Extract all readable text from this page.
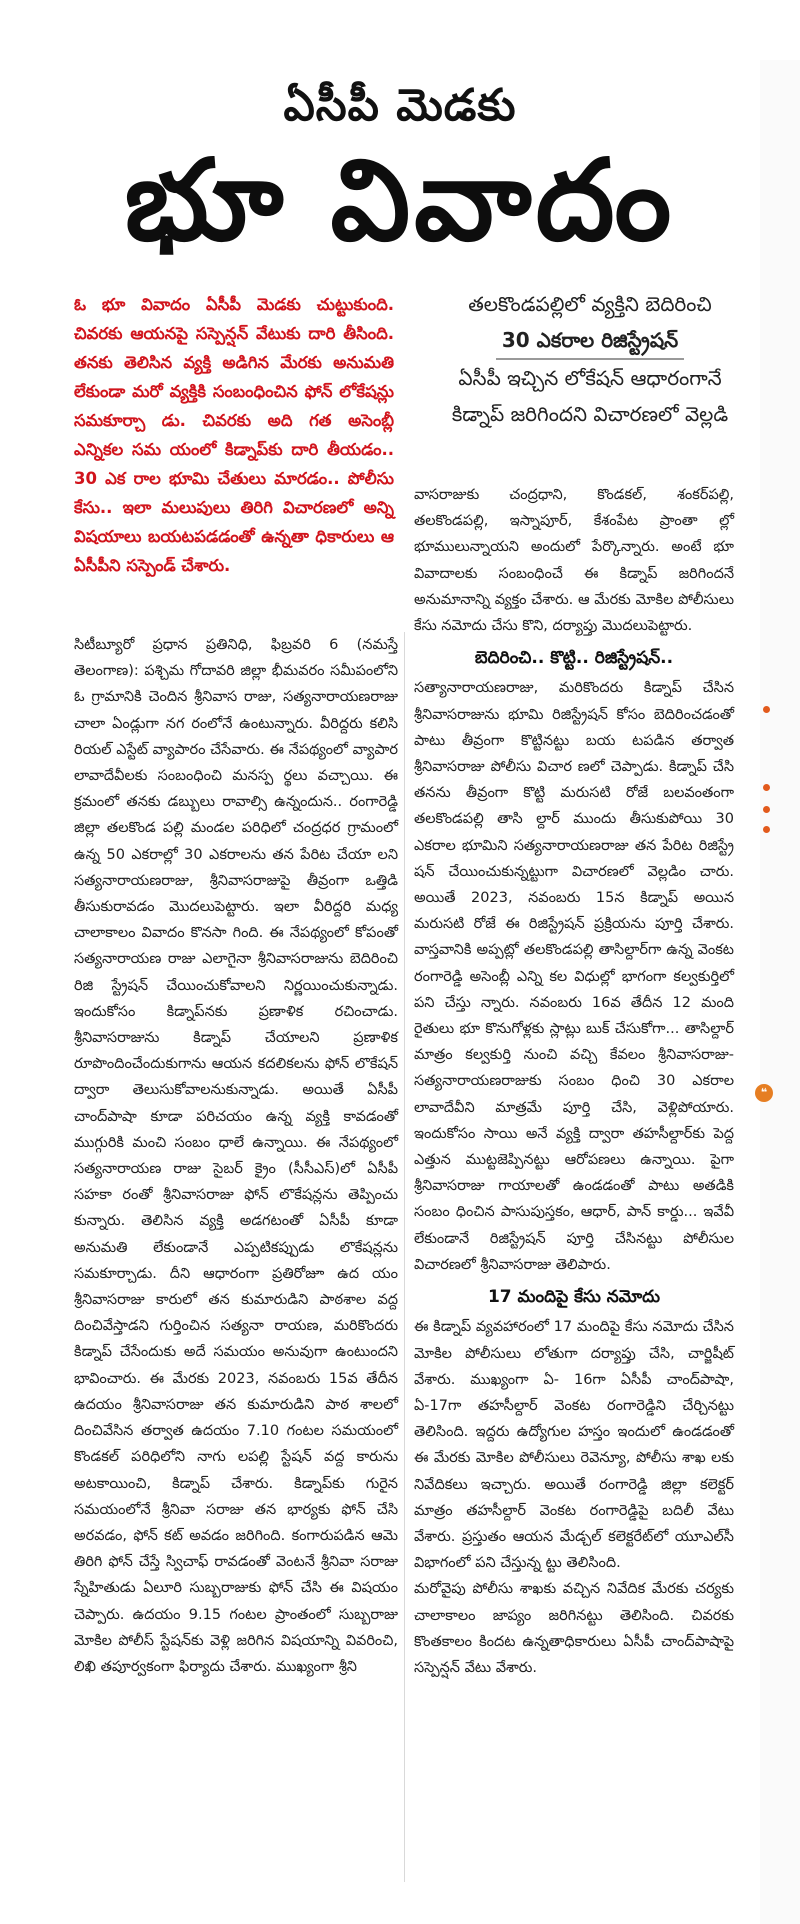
ఏసీపీ మెడకు
భూ వివాదం
ఓ భూ వివాదం ఏసీపీ మెడకు చుట్టుకుంది. చివరకు ఆయనపై సస్పెన్షన్ వేటుకు దారి తీసింది. తనకు తెలిసిన వ్యక్తి అడిగిన మేరకు అనుమతి లేకుండా మరో వ్యక్తికి సంబంధించిన ఫోన్ లోకేషన్లు సమకూర్చా డు. చివరకు అది గత అసెంబ్లీ ఎన్నికల సమ యంలో కిడ్నాప్‌కు దారి తీయడం.. 30 ఎక రాల భూమి చేతులు మారడం.. పోలీసు కేసు.. ఇలా మలుపులు తిరిగి విచారణలో అన్ని విషయాలు బయటపడడంతో ఉన్నతా ధికారులు ఆ ఏసీపీని సస్పెండ్ చేశారు.
తలకొండపల్లిలో వ్యక్తిని బెదిరించి
30 ఎకరాల రిజిస్ట్రేషన్
ఏసీపీ ఇచ్చిన లోకేషన్ ఆధారంగానే
కిడ్నాప్ జరిగిందని విచారణలో వెల్లడి

సిటీబ్యూరో ప్రధాన ప్రతినిధి, ఫిబ్రవరి 6 (నమస్తే తెలంగాణ): పశ్చిమ గోదావరి జిల్లా భీమవరం సమీపంలోని ఓ గ్రామానికి చెందిన శ్రీనివాస రాజు, సత్యనారాయణరాజు చాలా ఏండ్లుగా నగ రంలోనే ఉంటున్నారు. వీరిద్దరు కలిసి రియల్ ఎస్టేట్ వ్యాపారం చేసేవారు. ఈ నేపథ్యంలో వ్యాపార లావాదేవీలకు సంబంధించి మనస్ప ర్థలు వచ్చాయి. ఈ క్రమంలో తనకు డబ్బులు రావాల్సి ఉన్నందున.. రంగారెడ్డి జిల్లా తలకొండ పల్లి మండల పరిధిలో చంద్రధర గ్రామంలో ఉన్న 50 ఎకరాల్లో 30 ఎకరాలను తన పేరిట చేయా లని సత్యనారాయణరాజు, శ్రీనివాసరాజుపై తీవ్రంగా ఒత్తిడి తీసుకురావడం మొదలుపెట్టారు. ఇలా వీరిద్దరి మధ్య చాలాకాలం వివాదం కొనసా గింది. ఈ నేపథ్యంలో కోపంతో సత్యనారాయణ రాజు ఎలాగైనా శ్రీనివాసరాజును బెదిరించి రిజి స్ట్రేషన్ చేయించుకోవాలని నిర్ణయించుకున్నాడు. ఇందుకోసం కిడ్నాప్‌నకు ప్రణాళిక రచించాడు. శ్రీనివాసరాజును కిడ్నాప్ చేయాలని ప్రణాళిక రూపొందించేందుకుగాను ఆయన కదలికలను ఫోన్ లొకేషన్ ద్వారా తెలుసుకోవాలనుకున్నాడు. అయితే ఏసీపీ చాంద్‌పాషా కూడా పరిచయం ఉన్న వ్యక్తి కావడంతో ముగ్గురికి మంచి సంబం ధాలే ఉన్నాయి. ఈ నేపథ్యంలో సత్యనారాయణ రాజు సైబర్ క్రైం (సీసీఎస్)లో ఏసీపీ సహకా రంతో శ్రీనివాసరాజు ఫోన్ లొకేషన్లను తెప్పించు కున్నారు. తెలిసిన వ్యక్తి అడగటంతో ఏసీపీ కూడా అనుమతి లేకుండానే ఎప్పటికప్పుడు లొకేషన్లను సమకూర్చాడు. దీని ఆధారంగా ప్రతిరోజూ ఉద యం శ్రీనివాసరాజు కారులో తన కుమారుడిని పాఠశాల వద్ద దించివేస్తాడని గుర్తించిన సత్యనా రాయణ, మరికొందరు కిడ్నాప్ చేసేందుకు అదే సమయం అనువుగా ఉంటుందని భావించారు. ఈ మేరకు 2023, నవంబరు 15వ తేదీన ఉదయం శ్రీనివాసరాజు తన కుమారుడిని పాఠ శాలలో దించివేసిన తర్వాత ఉదయం 7.10 గంటల సమయంలో కొండకల్ పరిధిలోని నాగు లపల్లి స్టేషన్ వద్ద కారును అటకాయించి, కిడ్నాప్ చేశారు. కిడ్నాప్‌కు గురైన సమయంలోనే శ్రీనివా సరాజు తన భార్యకు ఫోన్ చేసి అరవడం, ఫోన్ కట్ అవడం జరిగింది. కంగారుపడిన ఆమె తిరిగి ఫోన్ చేస్తే స్విచాఫ్ రావడంతో వెంటనే శ్రీనివా సరాజు స్నేహితుడు ఏలూరి సుబ్బరాజుకు ఫోన్ చేసి ఈ విషయం చెప్పారు. ఉదయం 9.15 గంటల ప్రాంతంలో సుబ్బరాజు మోకిల పోలీస్ స్టేషన్‌కు వెళ్లి జరిగిన విషయాన్ని వివరించి, లిఖి తపూర్వకంగా ఫిర్యాదు చేశారు. ముఖ్యంగా శ్రీని

వాసరాజుకు చంద్రధాని, కొండకల్, శంకర్‌పల్లి, తలకొండపల్లి, ఇస్నాపూర్, కేశంపేట ప్రాంతా ల్లో భూములున్నాయని అందులో పేర్కొన్నారు. అంటే భూ వివాదాలకు సంబంధించే ఈ కిడ్నాప్ జరిగిందనే అనుమానాన్ని వ్యక్తం చేశారు. ఆ మేరకు మోకిల పోలీసులు కేసు నమోదు చేసు కొని, దర్యాప్తు మొదలుపెట్టారు.

బెదిరించి.. కొట్టి.. రిజిస్ట్రేషన్..

సత్యానారాయణరాజు, మరికొందరు కిడ్నాప్ చేసిన శ్రీనివాసరాజును భూమి రిజిస్ట్రేషన్ కోసం బెదిరించడంతో పాటు తీవ్రంగా కొట్టినట్టు బయ టపడిన తర్వాత శ్రీనివాసరాజు పోలీసు విచార ణలో చెప్పాడు. కిడ్నాప్ చేసి తనను తీవ్రంగా కొట్టి మరుసటి రోజే బలవంతంగా తలకొండపల్లి తాసి ల్దార్ ముందు తీసుకుపోయి 30 ఎకరాల భూమిని సత్యనారాయణరాజు తన పేరిట రిజిస్ట్రే షన్ చేయించుకున్నట్టుగా విచారణలో వెల్లడిం చారు. అయితే 2023, నవంబరు 15న కిడ్నాప్ అయిన మరుసటి రోజే ఈ రిజిస్ట్రేషన్ ప్రక్రియను పూర్తి చేశారు. వాస్తవానికి అప్పట్లో తలకొండపల్లి తాసిల్దార్‌గా ఉన్న వెంకట రంగారెడ్డి అసెంబ్లీ ఎన్ని కల విధుల్లో భాగంగా కల్వకుర్తిలో పని చేస్తు న్నారు. నవంబరు 16వ తేదీన 12 మంది రైతులు భూ కొనుగోళ్లకు స్లాట్లు బుక్ చేసుకోగా... తాసిల్దార్ మాత్రం కల్వకుర్తి నుంచి వచ్చి కేవలం శ్రీనివాసరాజు-సత్యనారాయణరాజుకు సంబం ధించి 30 ఎకరాల లావాదేవీని మాత్రమే పూర్తి చేసి, వెళ్లిపోయారు. ఇందుకోసం సాయి అనే వ్యక్తి ద్వారా తహసీల్దార్‌కు పెద్ద ఎత్తున ముట్టజెప్పినట్టు ఆరోపణలు ఉన్నాయి. పైగా శ్రీనివాసరాజు గాయాలతో ఉండడంతో పాటు అతడికి సంబం ధించిన పాసుపుస్తకం, ఆధార్, పాన్ కార్డు... ఇవేవీ లేకుండానే రిజిస్ట్రేషన్ పూర్తి చేసినట్టు పోలీసుల విచారణలో శ్రీనివాసరాజు తెలిపారు.

17 మందిపై కేసు నమోదు

ఈ కిడ్నాప్ వ్యవహారంలో 17 మందిపై కేసు నమోదు చేసిన మోకిల పోలీసులు లోతుగా దర్యాప్తు చేసి, చార్జిషీట్ వేశారు. ముఖ్యంగా ఏ- 16గా ఏసీపీ చాంద్‌పాషా, ఏ-17గా తహసీల్దార్ వెంకట రంగారెడ్డిని చేర్చినట్టు తెలిసింది. ఇద్దరు ఉద్యోగుల హస్తం ఇందులో ఉండడంతో ఈ మేరకు మోకిల పోలీసులు రెవెన్యూ, పోలీసు శాఖ లకు నివేదికలు ఇచ్చారు. అయితే రంగారెడ్డి జిల్లా కలెక్టర్ మాత్రం తహసీల్దార్ వెంకట రంగారెడ్డిపై బదిలీ వేటు వేశారు. ప్రస్తుతం ఆయన మేడ్చల్ కలెక్టరేట్‌లో యూఎల్‌సీ విభాగంలో పని చేస్తున్న ట్టు తెలిసింది.

మరోవైపు పోలీసు శాఖకు వచ్చిన నివేదిక మేరకు చర్యకు చాలాకాలం జాప్యం జరిగినట్టు తెలిసింది. చివరకు కొంతకాలం కిందట ఉన్నతాధికారులు ఏసీపీ చాంద్‌పాషాపై సస్పెన్షన్ వేటు వేశారు.

❝
